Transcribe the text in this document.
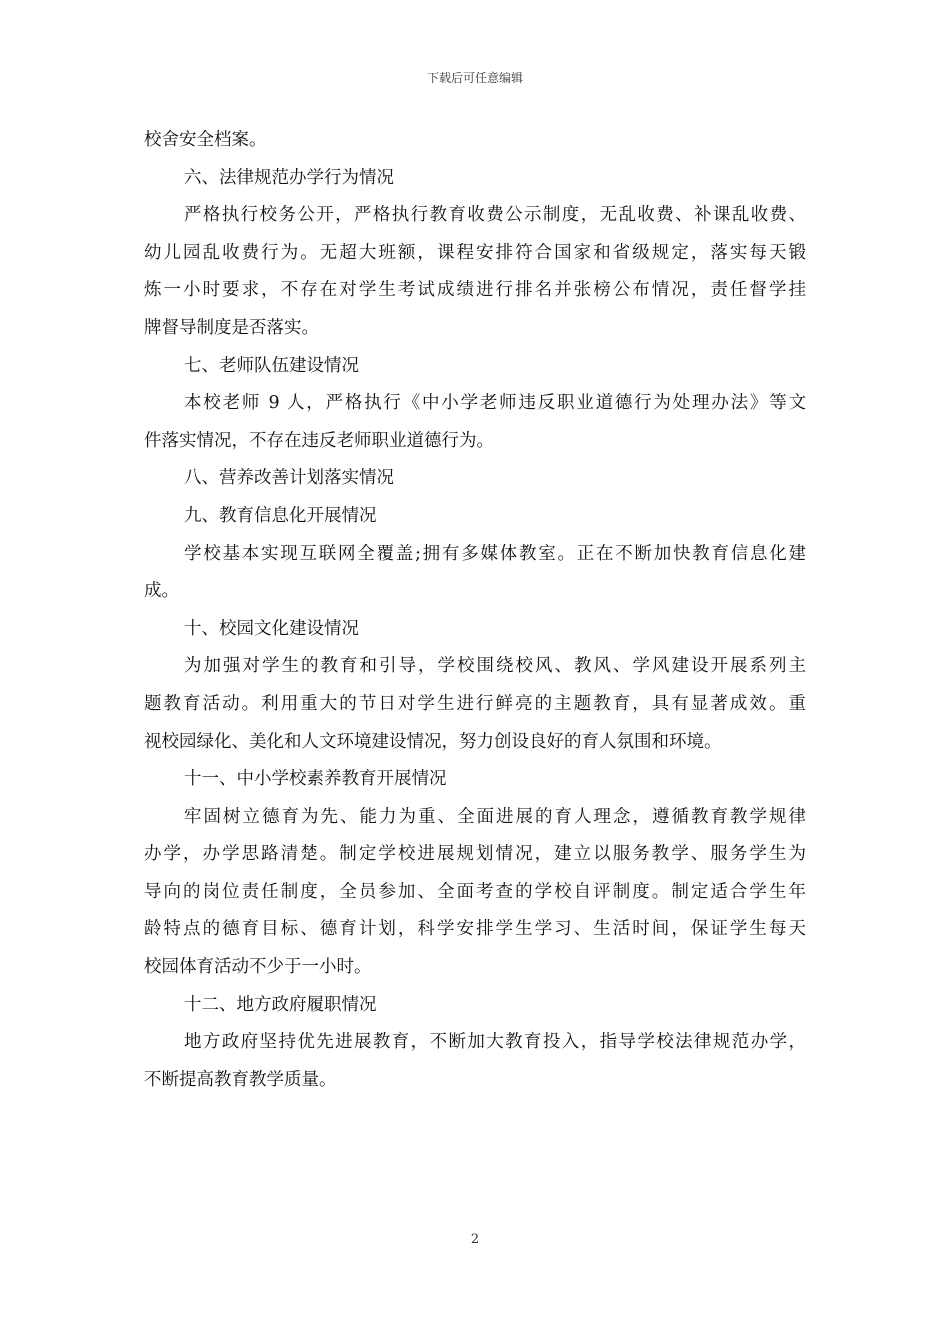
下载后可任意编辑
校舍安全档案。
六、法律规范办学行为情况
严格执行校务公开，严格执行教育收费公示制度，无乱收费、补课乱收费、
幼儿园乱收费行为。无超大班额，课程安排符合国家和省级规定，落实每天锻
炼一小时要求，不存在对学生考试成绩进行排名并张榜公布情况，责任督学挂
牌督导制度是否落实。
七、老师队伍建设情况
本校老师 9 人，严格执行《中小学老师违反职业道德行为处理办法》等文
件落实情况，不存在违反老师职业道德行为。
八、营养改善计划落实情况
九、教育信息化开展情况
学校基本实现互联网全覆盖;拥有多媒体教室。正在不断加快教育信息化建
成。
十、校园文化建设情况
为加强对学生的教育和引导，学校围绕校风、教风、学风建设开展系列主
题教育活动。利用重大的节日对学生进行鲜亮的主题教育，具有显著成效。重
视校园绿化、美化和人文环境建设情况，努力创设良好的育人氛围和环境。
十一、中小学校素养教育开展情况
牢固树立德育为先、能力为重、全面进展的育人理念，遵循教育教学规律
办学，办学思路清楚。制定学校进展规划情况，建立以服务教学、服务学生为
导向的岗位责任制度，全员参加、全面考查的学校自评制度。制定适合学生年
龄特点的德育目标、德育计划，科学安排学生学习、生活时间，保证学生每天
校园体育活动不少于一小时。
十二、地方政府履职情况
地方政府坚持优先进展教育，不断加大教育投入，指导学校法律规范办学，
不断提高教育教学质量。
2
